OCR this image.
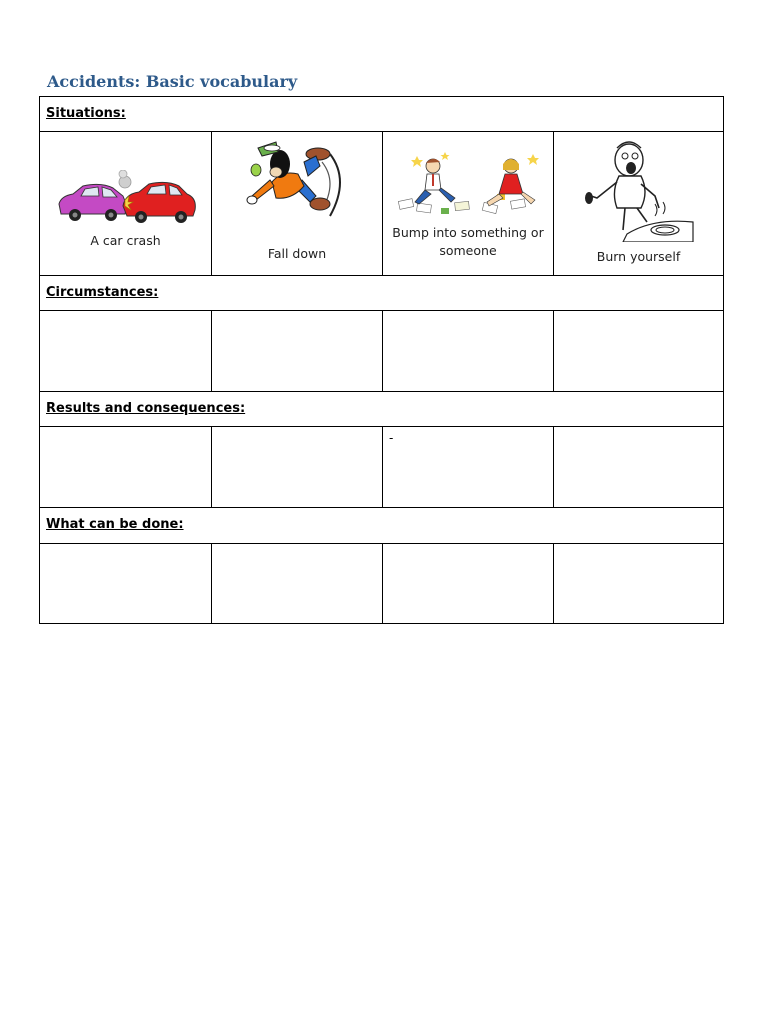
Accidents: Basic vocabulary
Situations:
A car crash
Fall down
Bump into something or someone	Burn yourself
Circumstances:
Results and consequences:
-
What can be done:
